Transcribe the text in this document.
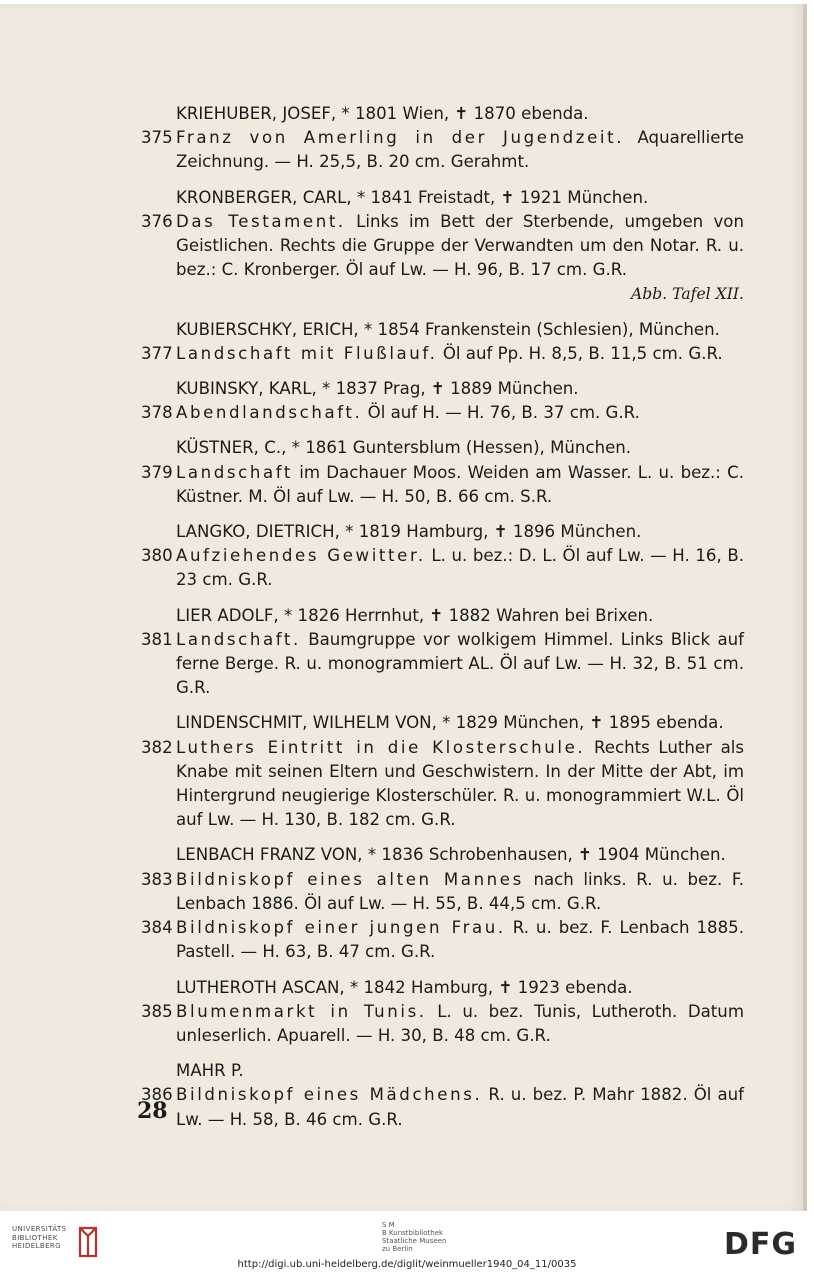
KRIEHUBER, JOSEF, * 1801 Wien, ✝ 1870 ebenda.
375 Franz von Amerling in der Jugendzeit. Aquarellierte Zeichnung. — H. 25,5, B. 20 cm. Gerahmt.
KRONBERGER, CARL, * 1841 Freistadt, ✝ 1921 München.
376 Das Testament. Links im Bett der Sterbende, umgeben von Geistlichen. Rechts die Gruppe der Verwandten um den Notar. R. u. bez.: C. Kronberger. Öl auf Lw. — H. 96, B. 17 cm. G.R.
Abb. Tafel XII.
KUBIERSCHKY, ERICH, * 1854 Frankenstein (Schlesien), München.
377 Landschaft mit Flußlauf. Öl auf Pp. H. 8,5, B. 11,5 cm. G.R.
KUBINSKY, KARL, * 1837 Prag, ✝ 1889 München.
378 Abendlandschaft. Öl auf H. — H. 76, B. 37 cm. G.R.
KÜSTNER, C., * 1861 Guntersblum (Hessen), München.
379 Landschaft im Dachauer Moos. Weiden am Wasser. L. u. bez.: C. Küstner. M. Öl auf Lw. — H. 50, B. 66 cm. S.R.
LANGKO, DIETRICH, * 1819 Hamburg, ✝ 1896 München.
380 Aufziehendes Gewitter. L. u. bez.: D. L. Öl auf Lw. — H. 16, B. 23 cm. G.R.
LIER ADOLF, * 1826 Herrnhut, ✝ 1882 Wahren bei Brixen.
381 Landschaft. Baumgruppe vor wolkigem Himmel. Links Blick auf ferne Berge. R. u. monogrammiert AL. Öl auf Lw. — H. 32, B. 51 cm. G.R.
LINDENSCHMIT, WILHELM VON, * 1829 München, ✝ 1895 ebenda.
382 Luthers Eintritt in die Klosterschule. Rechts Luther als Knabe mit seinen Eltern und Geschwistern. In der Mitte der Abt, im Hintergrund neugierige Klosterschüler. R. u. monogrammiert W.L. Öl auf Lw. — H. 130, B. 182 cm. G.R.
LENBACH FRANZ VON, * 1836 Schrobenhausen, ✝ 1904 München.
383 Bildniskopf eines alten Mannes nach links. R. u. bez. F. Lenbach 1886. Öl auf Lw. — H. 55, B. 44,5 cm. G.R.
384 Bildniskopf einer jungen Frau. R. u. bez. F. Lenbach 1885. Pastell. — H. 63, B. 47 cm. G.R.
LUTHEROTH ASCAN, * 1842 Hamburg, ✝ 1923 ebenda.
385 Blumenmarkt in Tunis. L. u. bez. Tunis, Lutheroth. Datum unleserlich. Apuarell. — H. 30, B. 48 cm. G.R.
MAHR P.
386 Bildniskopf eines Mädchens. R. u. bez. P. Mahr 1882. Öl auf Lw. — H. 58, B. 46 cm. G.R.
28
UNIVERSITÄTS
BIBLIOTHEK
HEIDELBERG
S M
B Kunstbibliothek
Staatliche Museen
zu Berlin	DFG
http://digi.ub.uni-heidelberg.de/diglit/weinmueller1940_04_11/0035
